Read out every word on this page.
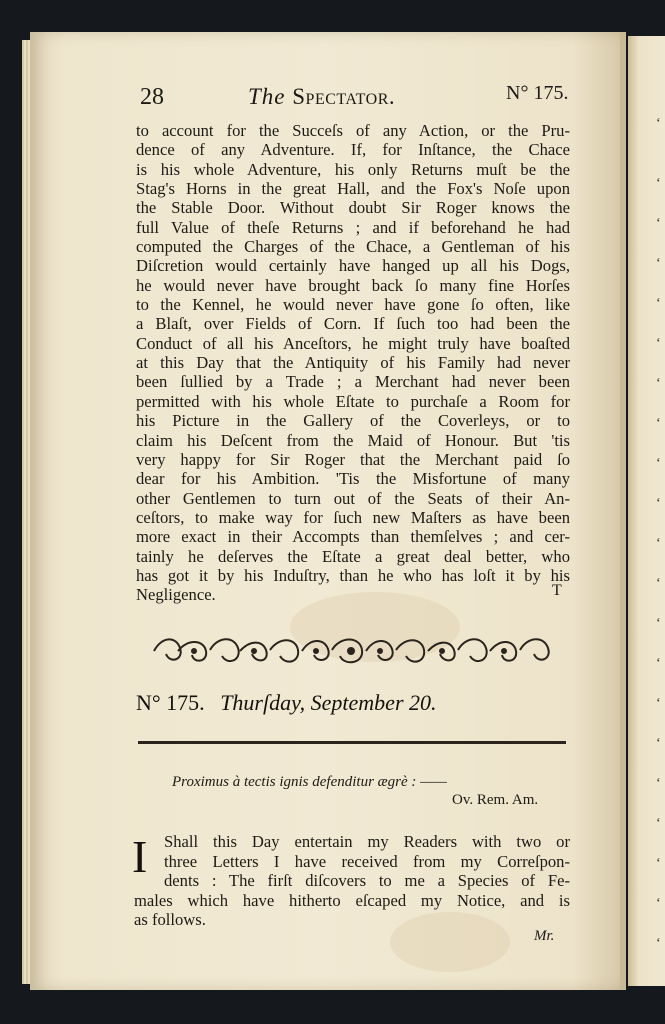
‘
‘
‘
‘
‘
‘
‘
‘
‘
‘
‘
‘
‘
‘
‘
‘
‘
‘
‘
‘
‘
28	The Spectator.	N° 175.
to account for the Succeſs of any Action, or the Pru-
dence of any Adventure. If, for Inſtance, the Chace
is his whole Adventure, his only Returns muſt be the
Stag's Horns in the great Hall, and the Fox's Noſe upon
the Stable Door. Without doubt Sir Roger knows the
full Value of theſe Returns ; and if beforehand he had
computed the Charges of the Chace, a Gentleman of his
Diſcretion would certainly have hanged up all his Dogs,
he would never have brought back ſo many fine Horſes
to the Kennel, he would never have gone ſo often, like
a Blaſt, over Fields of Corn. If ſuch too had been the
Conduct of all his Anceſtors, he might truly have boaſted
at this Day that the Antiquity of his Family had never
been ſullied by a Trade ; a Merchant had never been
permitted with his whole Eſtate to purchaſe a Room for
his Picture in the Gallery of the Coverleys, or to
claim his Deſcent from the Maid of Honour. But 'tis
very happy for Sir Roger that the Merchant paid ſo
dear for his Ambition. 'Tis the Misfortune of many
other Gentlemen to turn out of the Seats of their An-
ceſtors, to make way for ſuch new Maſters as have been
more exact in their Accompts than themſelves ; and cer-
tainly he deſerves the Eſtate a great deal better, who
has got it by his Induſtry, than he who has loſt it by his
Negligence.	T
N° 175. Thurſday, September 20.
Proximus à tectis ignis defenditur ægrè : ——
Ov. Rem. Am.
I	Shall this Day entertain my Readers with two or
three Letters I have received from my Correſpon-
dents : The firſt diſcovers to me a Species of Fe-
males which have hitherto eſcaped my Notice, and is
as follows.
Mr.
